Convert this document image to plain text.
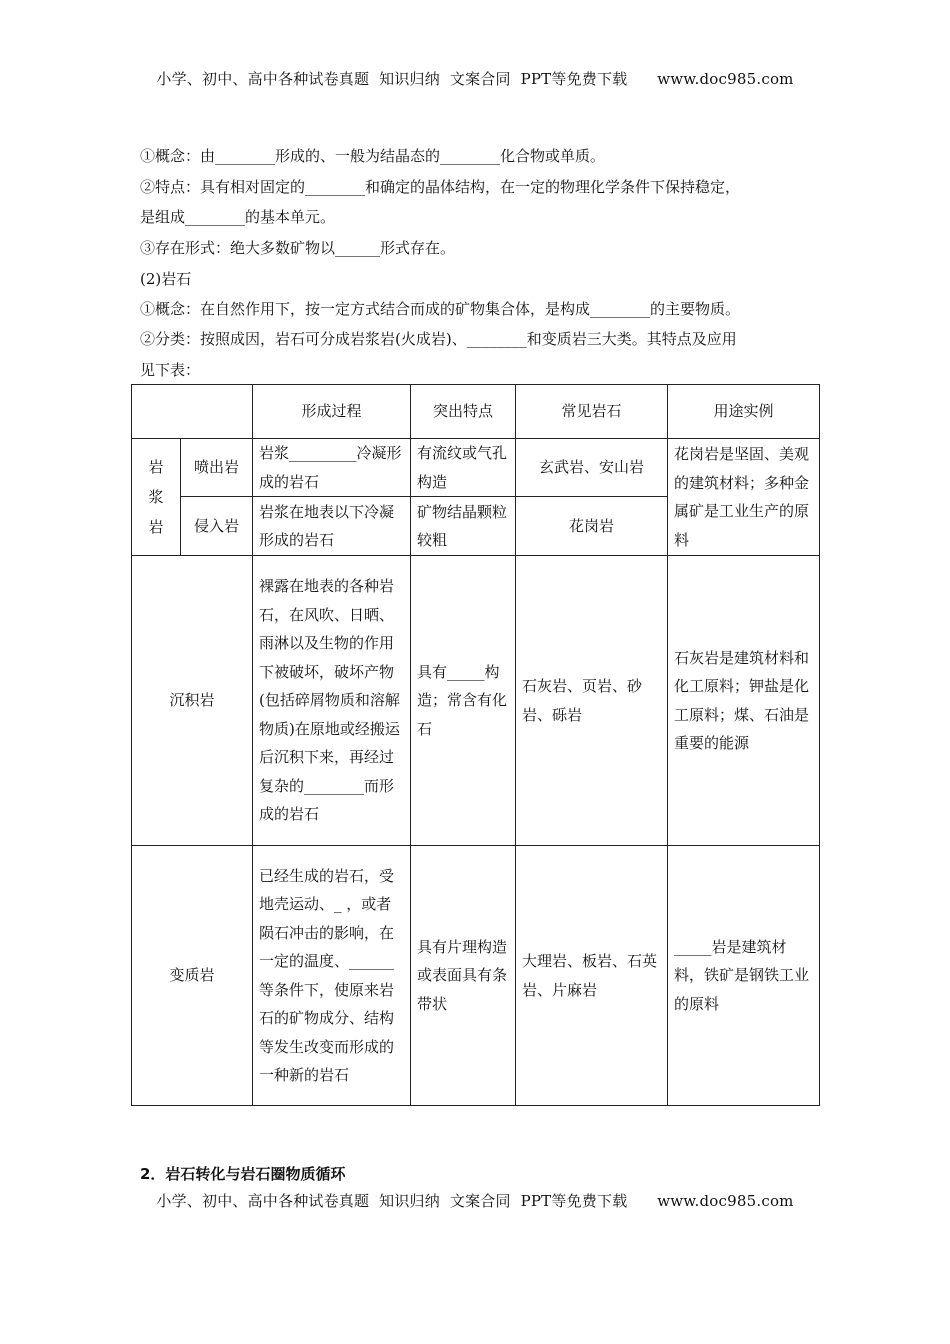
小学、初中、高中各种试卷真题  知识归纳  文案合同  PPT等免费下载      www.doc985.com
①概念：由________形成的、一般为结晶态的________化合物或单质。
②特点：具有相对固定的________和确定的晶体结构，在一定的物理化学条件下保持稳定，
是组成________的基本单元。
③存在形式：绝大多数矿物以______形式存在。
(2)岩石
①概念：在自然作用下，按一定方式结合而成的矿物集合体，是构成________的主要物质。
②分类：按照成因，岩石可分成岩浆岩(火成岩)、________和变质岩三大类。其特点及应用
见下表：
		形成过程	突出特点	常见岩石	用途实例

岩
浆
岩	喷出岩	岩浆_________冷凝形成的岩石	有流纹或气孔构造	玄武岩、安山岩	花岗岩是坚固、美观的建筑材料；多种金属矿是工业生产的原料
	侵入岩	岩浆在地表以下冷凝形成的岩石	矿物结晶颗粒较粗	花岗岩	
沉积岩		裸露在地表的各种岩石，在风吹、日晒、雨淋以及生物的作用下被破坏，破坏产物(包括碎屑物质和溶解物质)在原地或经搬运后沉积下来，再经过复杂的________而形成的岩石	具有_____构造；常含有化石	石灰岩、页岩、砂岩、砾岩	石灰岩是建筑材料和化工原料；钾盐是化工原料；煤、石油是重要的能源
变质岩		已经生成的岩石，受地壳运动、_ ，或者陨石冲击的影响，在一定的温度、______等条件下，使原来岩石的矿物成分、结构等发生改变而形成的一种新的岩石	具有片理构造或表面具有条带状	大理岩、板岩、石英岩、片麻岩	_____岩是建筑材料，铁矿是钢铁工业的原料
2．岩石转化与岩石圈物质循环
小学、初中、高中各种试卷真题  知识归纳  文案合同  PPT等免费下载      www.doc985.com
